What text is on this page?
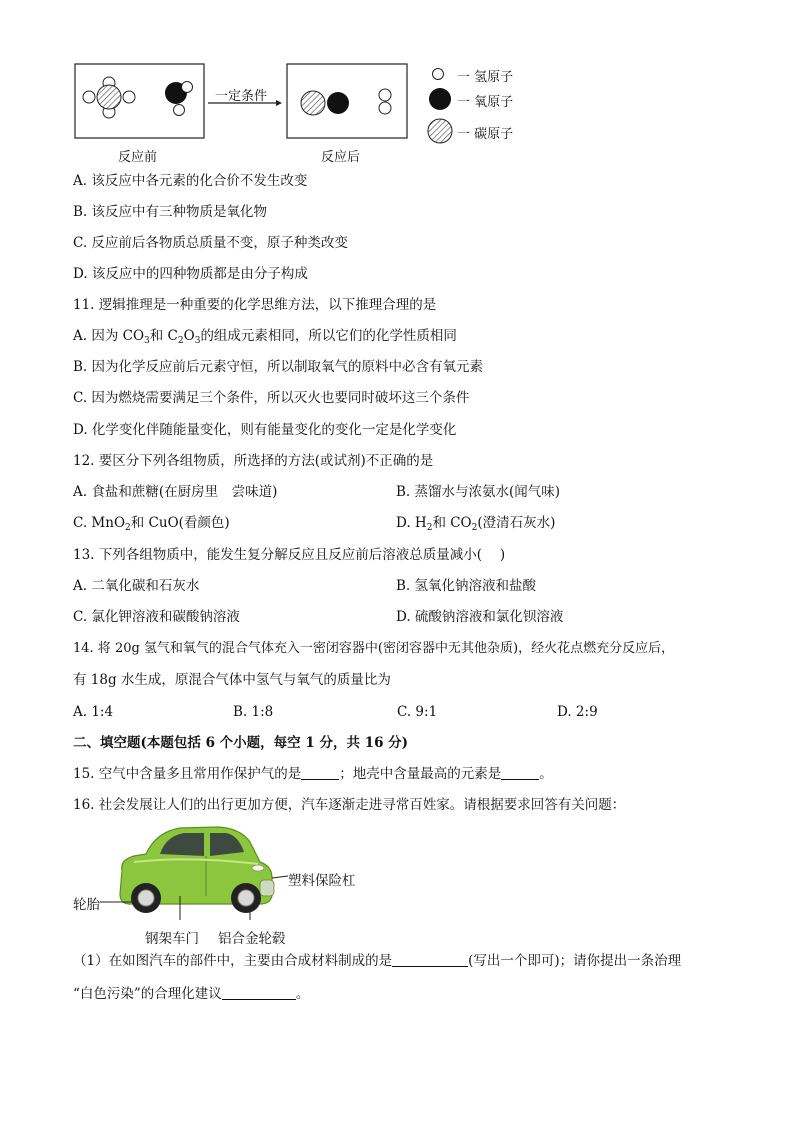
一定条件
反应前	反应后
一 氢原子
一 氧原子
一 碳原子
A. 该反应中各元素的化合价不发生改变
B. 该反应中有三种物质是氧化物
C. 反应前后各物质总质量不变，原子种类改变
D. 该反应中的四种物质都是由分子构成
11. 逻辑推理是一种重要的化学思维方法，以下推理合理的是
A. 因为 $CO_3$和 $C_2O_3$的组成元素相同，所以它们的化学性质相同
B. 因为化学反应前后元素守恒，所以制取氧气的原料中必含有氧元素
C. 因为燃烧需要满足三个条件，所以灭火也要同时破坏这三个条件
D. 化学变化伴随能量变化，则有能量变化的变化一定是化学变化
12. 要区分下列各组物质，所选择的方法(或试剂)不正确的是
A. 食盐和蔗糖(在厨房里　尝味道)	B. 蒸馏水与浓氨水(闻气味)
C. MnO$_2$和 CuO(看颜色)	D. $H_2$和 $CO_2$(澄清石灰水)
13. 下列各组物质中，能发生复分解反应且反应前后溶液总质量减小(　 )
A. 二氧化碳和石灰水	B. 氢氧化钠溶液和盐酸
C. 氯化钾溶液和碳酸钠溶液	D. 硫酸钠溶液和氯化钡溶液
14. 将 20g 氢气和氧气的混合气体充入一密闭容器中(密闭容器中无其他杂质)，经火花点燃充分反应后，
有 18g 水生成，原混合气体中氢气与氧气的质量比为
A. 1:4	B. 1:8	C. 9:1	D. 2:9
二、填空题(本题包括 6 个小题，每空 1 分，共 16 分)
15. 空气中含量多且常用作保护气的是	；地壳中含量最高的元素是	。
16. 社会发展让人们的出行更加方便，汽车逐渐走进寻常百姓家。请根据要求回答有关问题：
塑料保险杠
轮胎
钢架车门 铝合金轮毂
（1）在如图汽车的部件中，主要由合成材料制成的是	(写出一个即可)；请你提出一条治理
“白色污染”的合理化建议	。
